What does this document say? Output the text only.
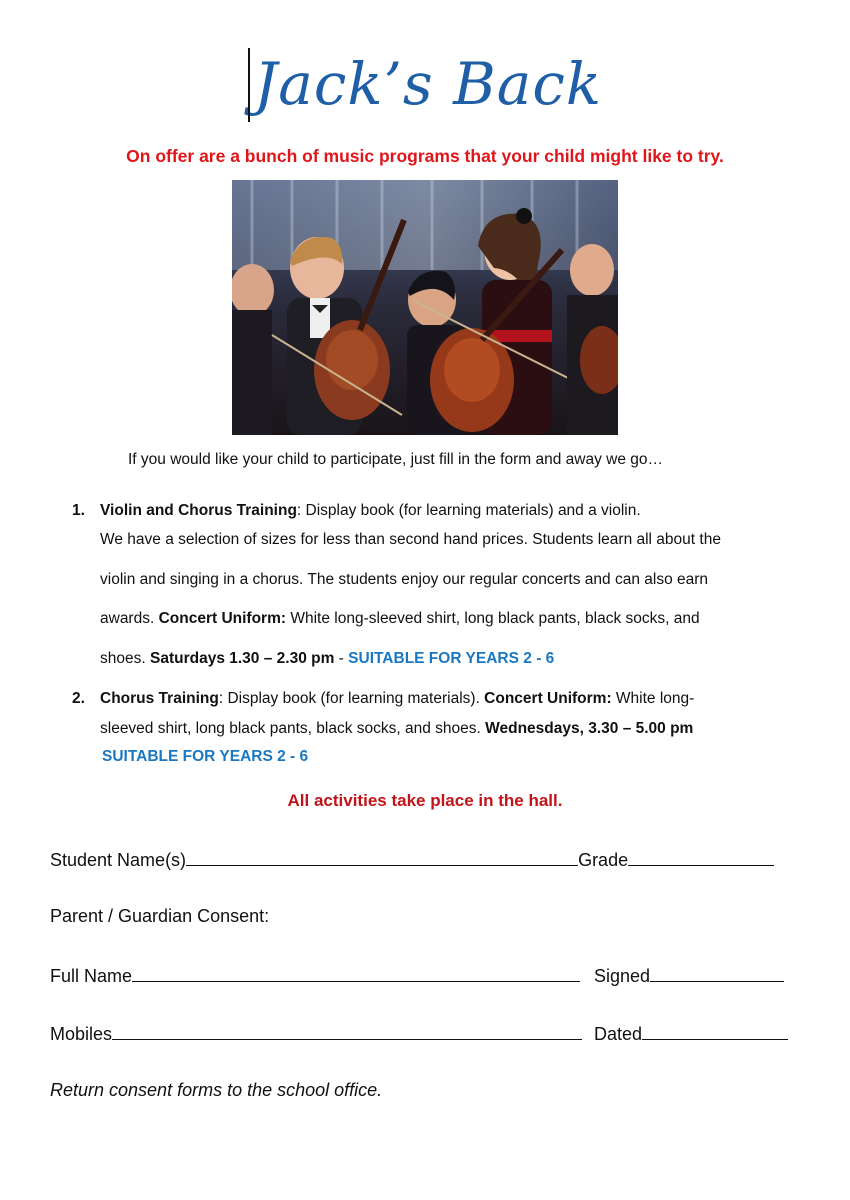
Jack’s Back
On offer are a bunch of music programs that your child might like to try.
If you would like your child to participate, just fill in the form and away we go…
1. Violin and Chorus Training: Display book (for learning materials) and a violin.
We have a selection of sizes for less than second hand prices. Students learn all about the
violin and singing in a chorus. The students enjoy our regular concerts and can also earn
awards. Concert Uniform: White long-sleeved shirt, long black pants, black socks, and
shoes. Saturdays 1.30 – 2.30 pm - SUITABLE FOR YEARS 2 - 6
2. Chorus Training: Display book (for learning materials). Concert Uniform: White long-
sleeved shirt, long black pants, black socks, and shoes. Wednesdays, 3.30 – 5.00 pm
SUITABLE FOR YEARS 2 - 6
All activities take place in the hall.
Student Name(s)	Grade
Parent / Guardian Consent:
Full Name	Signed
Mobiles	Dated
Return consent forms to the school office.
